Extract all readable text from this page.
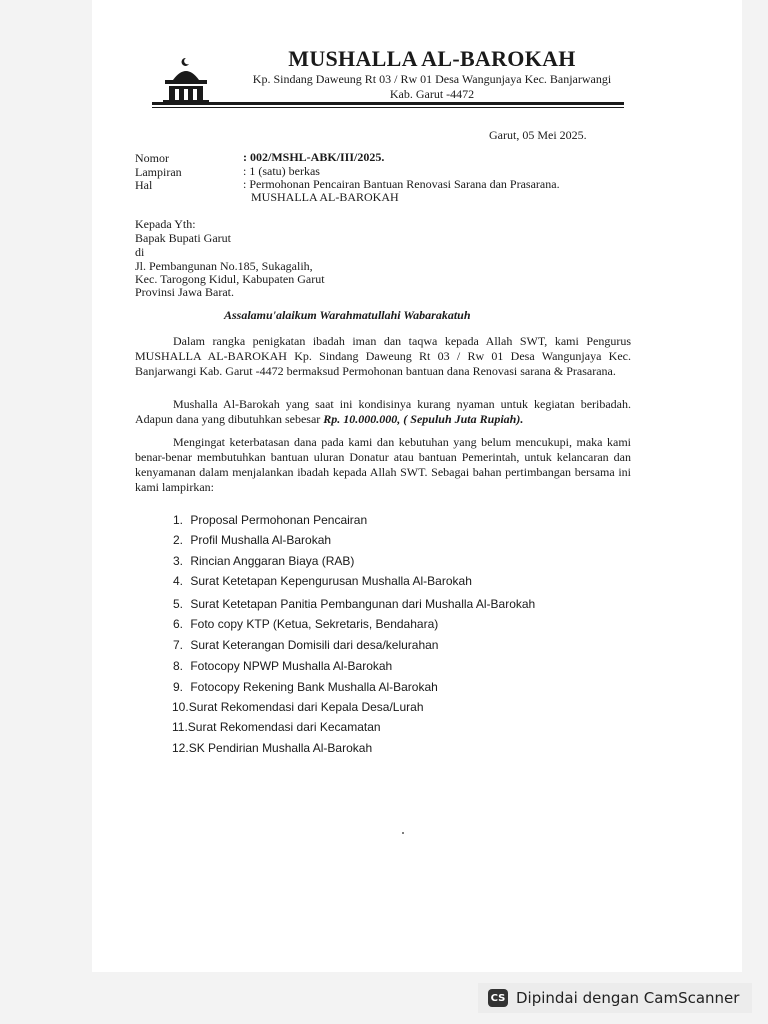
MUSHALLA AL-BAROKAH
Kp. Sindang Daweung Rt 03 / Rw 01 Desa Wangunjaya Kec. Banjarwangi
Kab. Garut -4472
Garut, 05 Mei 2025.
Nomor	: 002/MSHL-ABK/III/2025.
Lampiran	: 1 (satu) berkas
Hal	: Permohonan Pencairan Bantuan Renovasi Sarana dan Prasarana.
MUSHALLA AL-BAROKAH
Kepada Yth:
Bapak Bupati Garut
di
Jl. Pembangunan No.185, Sukagalih,
Kec. Tarogong Kidul, Kabupaten Garut
Provinsi Jawa Barat.
Assalamu'alaikum Warahmatullahi Wabarakatuh

Dalam rangka penigkatan ibadah iman dan taqwa kepada Allah SWT, kami Pengurus MUSHALLA AL-BAROKAH Kp. Sindang Daweung Rt 03 / Rw 01 Desa Wangunjaya Kec. Banjarwangi Kab. Garut -4472 bermaksud Permohonan bantuan dana Renovasi sarana & Prasarana.

Mushalla Al-Barokah yang saat ini kondisinya kurang nyaman untuk kegiatan beribadah. Adapun dana yang dibutuhkan sebesar Rp. 10.000.000, ( Sepuluh Juta Rupiah).

Mengingat keterbatasan dana pada kami dan kebutuhan yang belum mencukupi, maka kami benar-benar membutuhkan bantuan uluran Donatur atau bantuan Pemerintah, untuk kelancaran dan kenyamanan dalam menjalankan ibadah kepada Allah SWT. Sebagai bahan pertimbangan bersama ini kami lampirkan:

1. Proposal Permohonan Pencairan
2. Profil Mushalla Al-Barokah
3. Rincian Anggaran Biaya (RAB)
4. Surat Ketetapan Kepengurusan Mushalla Al-Barokah
5. Surat Ketetapan Panitia Pembangunan dari Mushalla Al-Barokah
6. Foto copy KTP (Ketua, Sekretaris, Bendahara)
7. Surat Keterangan Domisili dari desa/kelurahan
8. Fotocopy NPWP Mushalla Al-Barokah
9. Fotocopy Rekening Bank Mushalla Al-Barokah
10.Surat Rekomendasi dari Kepala Desa/Lurah
11.Surat Rekomendasi dari Kecamatan
12.SK Pendirian Mushalla Al-Barokah
CS Dipindai dengan CamScanner
